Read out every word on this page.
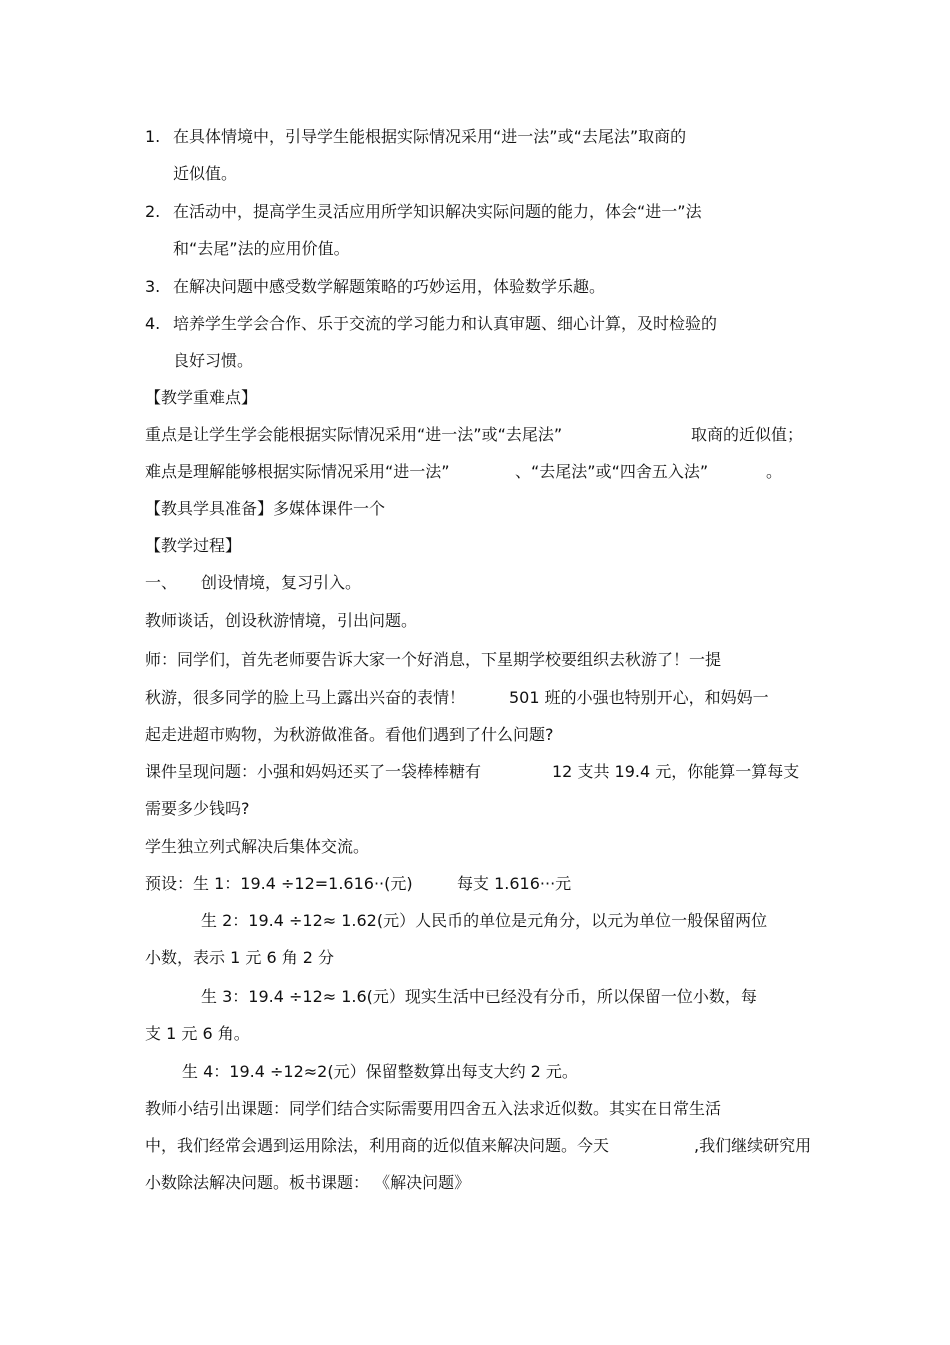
1. 在具体情境中，引导学生能根据实际情况采用“进一法”或“去尾法”取商的
近似值。
2. 在活动中，提高学生灵活应用所学知识解决实际问题的能力，体会“进一”法
和“去尾”法的应用价值。
3. 在解决问题中感受数学解题策略的巧妙运用，体验数学乐趣。
4. 培养学生学会合作、乐于交流的学习能力和认真审题、细心计算，及时检验的
良好习惯。
【教学重难点】
重点是让学生学会能根据实际情况采用“进一法”或“去尾法”	取商的近似值；
难点是理解能够根据实际情况采用“进一法”	、“去尾法”或“四舍五入法”	。
【教具学具准备】多媒体课件一个
【教学过程】
一、 创设情境，复习引入。
教师谈话，创设秋游情境，引出问题。
师：同学们，首先老师要告诉大家一个好消息，下星期学校要组织去秋游了！一提
秋游，很多同学的脸上马上露出兴奋的表情！	501 班的小强也特别开心，和妈妈一
起走进超市购物，为秋游做准备。看他们遇到了什么问题?
课件呈现问题：小强和妈妈还买了一袋棒棒糖有	12 支共 19.4 元，你能算一算每支
需要多少钱吗?
学生独立列式解决后集体交流。
预设：生 1：19.4 ÷12=1.616··(元)	每支 1.616···元
生 2：19.4 ÷12≈ 1.62(元）人民币的单位是元角分，以元为单位一般保留两位
小数，表示 1 元 6 角 2 分
生 3：19.4 ÷12≈ 1.6(元）现实生活中已经没有分币，所以保留一位小数，每
支 1 元 6 角。
生 4：19.4 ÷12≈2(元）保留整数算出每支大约 2 元。
教师小结引出课题：同学们结合实际需要用四舍五入法求近似数。其实在日常生活
中，我们经常会遇到运用除法，利用商的近似值来解决问题。今天	,我们继续研究用
小数除法解决问题。板书课题： 《解决问题》
